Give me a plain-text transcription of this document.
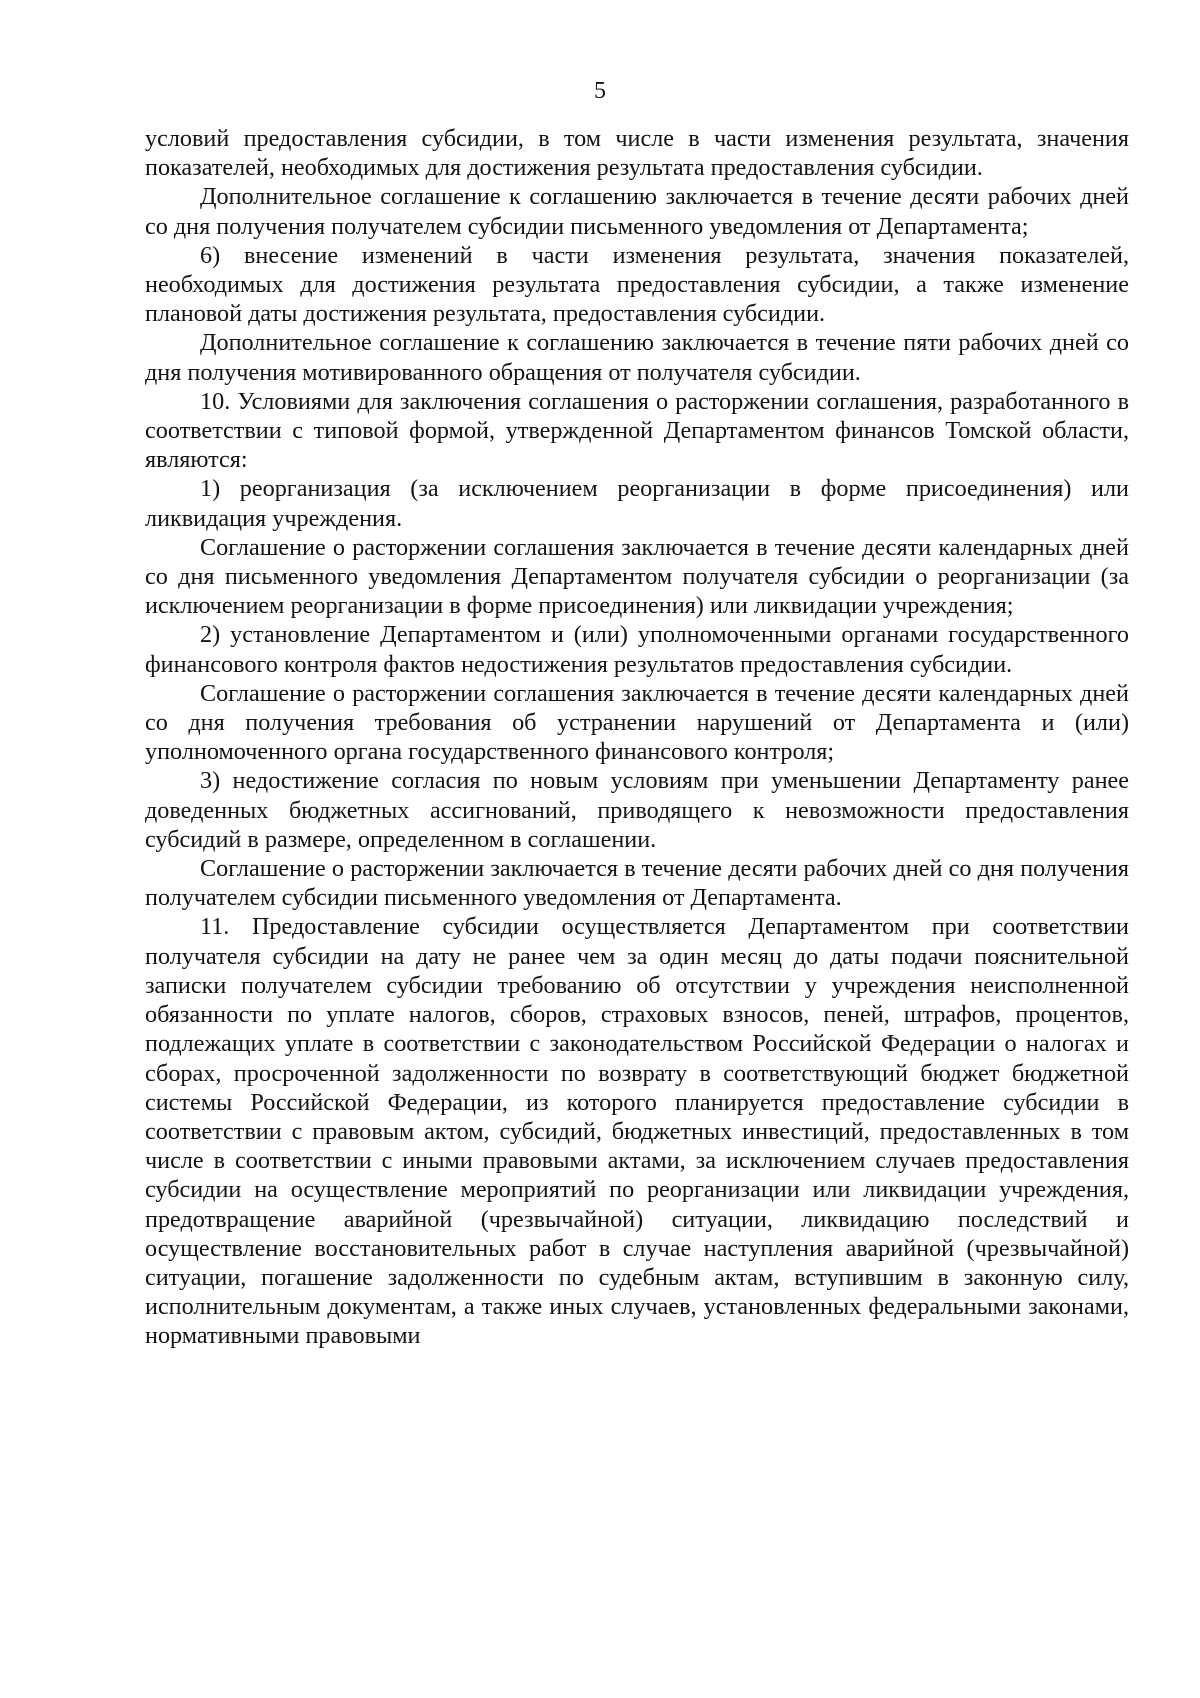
5

условий предоставления субсидии, в том числе в части изменения результата, значения показателей, необходимых для достижения результата предоставления субсидии.

Дополнительное соглашение к соглашению заключается в течение десяти рабочих дней со дня получения получателем субсидии письменного уведомления от Департамента;

6) внесение изменений в части изменения результата, значения показателей, необходимых для достижения результата предоставления субсидии, а также изменение плановой даты достижения результата, предоставления субсидии.

Дополнительное соглашение к соглашению заключается в течение пяти рабочих дней со дня получения мотивированного обращения от получателя субсидии.

10. Условиями для заключения соглашения о расторжении соглашения, разработанного в соответствии с типовой формой, утвержденной Департаментом финансов Томской области, являются:

1) реорганизация (за исключением реорганизации в форме присоединения) или ликвидация учреждения.

Соглашение о расторжении соглашения заключается в течение десяти календарных дней со дня письменного уведомления Департаментом получателя субсидии о реорганизации (за исключением реорганизации в форме присоединения) или ликвидации учреждения;

2) установление Департаментом и (или) уполномоченными органами государственного финансового контроля фактов недостижения результатов предоставления субсидии.

Соглашение о расторжении соглашения заключается в течение десяти календарных дней со дня получения требования об устранении нарушений от Департамента и (или) уполномоченного органа государственного финансового контроля;

3) недостижение согласия по новым условиям при уменьшении Департаменту ранее доведенных бюджетных ассигнований, приводящего к невозможности предоставления субсидий в размере, определенном в соглашении.

Соглашение о расторжении заключается в течение десяти рабочих дней со дня получения получателем субсидии письменного уведомления от Департамента.

11. Предоставление субсидии осуществляется Департаментом при соответствии получателя субсидии на дату не ранее чем за один месяц до даты подачи пояснительной записки получателем субсидии требованию об отсутствии у учреждения неисполненной обязанности по уплате налогов, сборов, страховых взносов, пеней, штрафов, процентов, подлежащих уплате в соответствии с законодательством Российской Федерации о налогах и сборах, просроченной задолженности по возврату в соответствующий бюджет бюджетной системы Российской Федерации, из которого планируется предоставление субсидии в соответствии с правовым актом, субсидий, бюджетных инвестиций, предоставленных в том числе в соответствии с иными правовыми актами, за исключением случаев предоставления субсидии на осуществление мероприятий по реорганизации или ликвидации учреждения, предотвращение аварийной (чрезвычайной) ситуации, ликвидацию последствий и осуществление восстановительных работ в случае наступления аварийной (чрезвычайной) ситуации, погашение задолженности по судебным актам, вступившим в законную силу, исполнительным документам, а также иных случаев, установленных федеральными законами, нормативными правовыми
